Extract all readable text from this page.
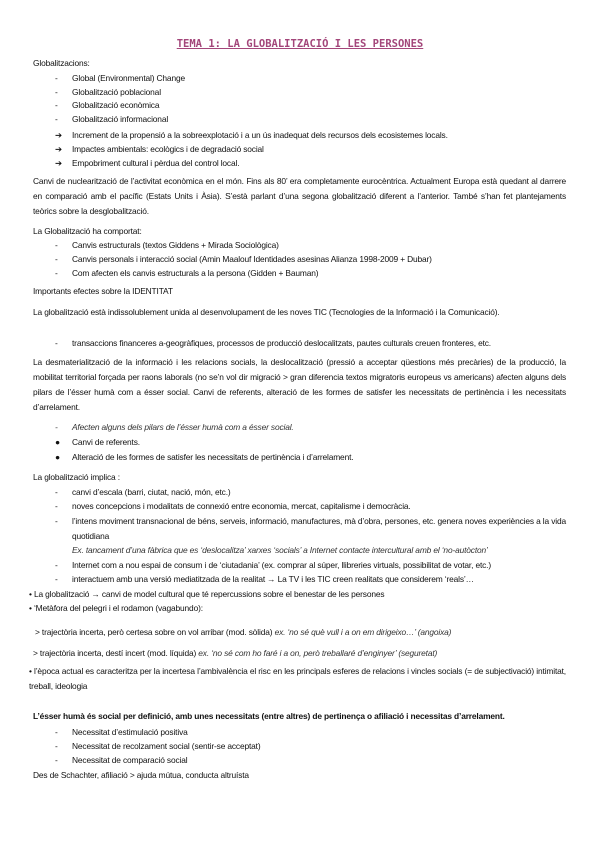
TEMA 1: LA GLOBALITZACIÓ I LES PERSONES
Globalitzacions:
- Global (Environmental) Change
- Globalització poblacional
- Globalització econòmica
- Globalització informacional
➔ Increment de la propensió a la sobreexplotació i a un ús inadequat dels recursos dels ecosistemes locals.
➔ Impactes ambientals: ecològics i de degradació social
➔ Empobriment cultural i pèrdua del control local.
Canvi de nuclearització de l’activitat econòmica en el món. Fins als 80’ era completamente eurocèntrica. Actualment Europa està quedant al darrere en comparació amb el pacífic (Estats Units i Àsia). S’està parlant d’una segona globalització diferent a l’anterior. També s’han fet plantejaments teòrics sobre la desglobalització.
La Globalització ha comportat:
- Canvis estructurals (textos Giddens + Mirada Sociològica)
- Canvis personals i interacció social (Amin Maalouf Identidades asesinas Alianza 1998-2009 + Dubar)
- Com afecten els canvis estructurals a la persona (Gidden + Bauman)
Importants efectes sobre la IDENTITAT
La globalització està indissolublement unida al desenvolupament de les noves TIC (Tecnologies de la Informació i la Comunicació).
- transaccions financeres a-geogràfiques, processos de producció deslocalitzats, pautes culturals creuen fronteres, etc.
La desmaterialització de la informació i les relacions socials, la deslocalització (pressió a acceptar qüestions més precàries) de la producció, la mobilitat territorial forçada per raons laborals (no se’n vol dir migració > gran diferencia textos migratoris europeus vs americans) afecten alguns dels pilars de l’ésser humà com a ésser social. Canvi de referents, alteració de les formes de satisfer les necessitats de pertinència i les necessitats d’arrelament.
- Afecten alguns dels pilars de l’ésser humà com a ésser social.
● Canvi de referents.
● Alteració de les formes de satisfer les necessitats de pertinència i d’arrelament.
La globalització implica :
- canvi d’escala (barri, ciutat, nació, món, etc.)
- noves concepcions i modalitats de connexió entre economia, mercat, capitalisme i democràcia.
-	l’intens moviment transnacional de béns, serveis, informació, manufactures, mà d’obra, persones, etc. genera noves experiències a la vida quotidiana
Ex. tancament d’una fàbrica que es ‘deslocalitza’ xarxes ‘socials’ a Internet contacte intercultural amb el ‘no-autòcton’
- Internet com a nou espai de consum i de ‘ciutadania’ (ex. comprar al súper, llibreries virtuals, possibilitat de votar, etc.)
- interactuem amb una versió mediatitzada de la realitat → La TV i les TIC creen realitats que considerem ‘reals’…
• La globalització → canvi de model cultural que té repercussions sobre el benestar de les persones
• ‘Metàfora del pelegri i el rodamon (vagabundo):
> trajectòria incerta, però certesa sobre on vol arribar (mod. sòlida) ex. ‘no sé què vull i a on em dirigeixo…’ (angoixa)
> trajectòria incerta, destí incert (mod. líquida) ex. ‘no sé com ho faré i a on, però treballaré d’enginyer’ (seguretat)
• l’època actual es caracteritza per la incertesa l’ambivalència el risc en les principals esferes de relacions i vincles socials (= de subjectivació) intimitat, treball, ideologia
L’ésser humà és social per definició, amb unes necessitats (entre altres) de pertinença o afiliació i necessitas d’arrelament.
- Necessitat d’estimulació positiva
- Necessitat de recolzament social (sentir-se acceptat)
- Necessitat de comparació social
Des de Schachter, afiliació > ajuda mútua, conducta altruísta
